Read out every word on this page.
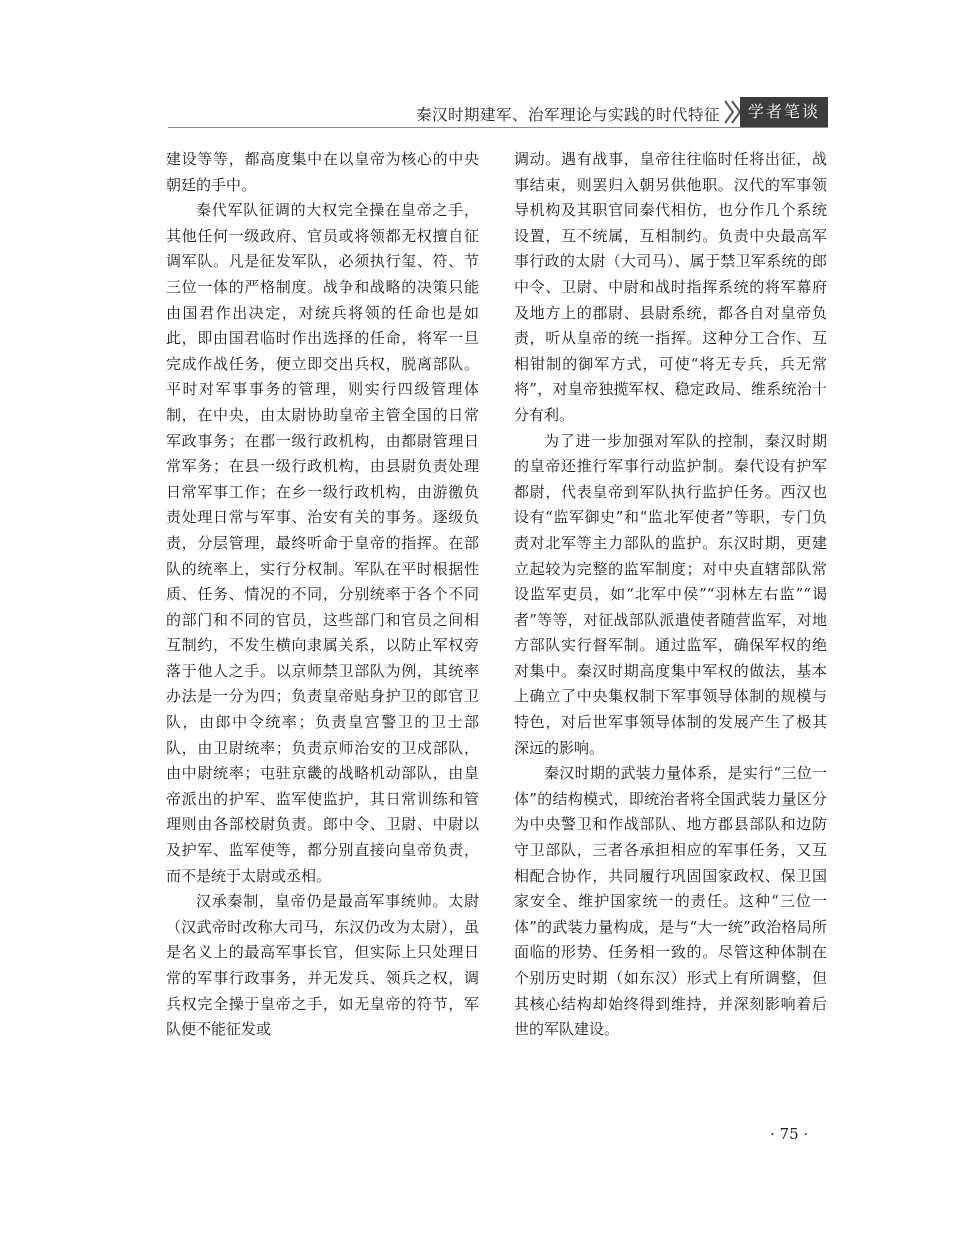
秦汉时期建军、治军理论与实践的时代特征	学者笔谈

建设等等，都高度集中在以皇帝为核心的中央朝廷的手中。

秦代军队征调的大权完全操在皇帝之手，其他任何一级政府、官员或将领都无权擅自征调军队。凡是征发军队，必须执行玺、符、节三位一体的严格制度。战争和战略的决策只能由国君作出决定，对统兵将领的任命也是如此，即由国君临时作出选择的任命，将军一旦完成作战任务，便立即交出兵权，脱离部队。平时对军事事务的管理，则实行四级管理体制，在中央，由太尉协助皇帝主管全国的日常军政事务；在郡一级行政机构，由都尉管理日常军务；在县一级行政机构，由县尉负责处理日常军事工作；在乡一级行政机构，由游徼负责处理日常与军事、治安有关的事务。逐级负责，分层管理，最终听命于皇帝的指挥。在部队的统率上，实行分权制。军队在平时根据性质、任务、情况的不同，分别统率于各个不同的部门和不同的官员，这些部门和官员之间相互制约，不发生横向隶属关系，以防止军权旁落于他人之手。以京师禁卫部队为例，其统率办法是一分为四；负责皇帝贴身护卫的郎官卫队，由郎中令统率；负责皇宫警卫的卫士部队，由卫尉统率；负责京师治安的卫戍部队，由中尉统率；屯驻京畿的战略机动部队，由皇帝派出的护军、监军使监护，其日常训练和管理则由各部校尉负责。郎中令、卫尉、中尉以及护军、监军使等，都分别直接向皇帝负责，而不是统于太尉或丞相。

汉承秦制，皇帝仍是最高军事统帅。太尉（汉武帝时改称大司马，东汉仍改为太尉），虽是名义上的最高军事长官，但实际上只处理日常的军事行政事务，并无发兵、领兵之权，调兵权完全操于皇帝之手，如无皇帝的符节，军队便不能征发或

调动。遇有战事，皇帝往往临时任将出征，战事结束，则罢归入朝另供他职。汉代的军事领导机构及其职官同秦代相仿，也分作几个系统设置，互不统属，互相制约。负责中央最高军事行政的太尉（大司马）、属于禁卫军系统的郎中令、卫尉、中尉和战时指挥系统的将军幕府及地方上的郡尉、县尉系统，都各自对皇帝负责，听从皇帝的统一指挥。这种分工合作、互相钳制的御军方式，可使“将无专兵，兵无常将”，对皇帝独揽军权、稳定政局、维系统治十分有利。

为了进一步加强对军队的控制，秦汉时期的皇帝还推行军事行动监护制。秦代设有护军都尉，代表皇帝到军队执行监护任务。西汉也设有“监军御史”和“监北军使者”等职，专门负责对北军等主力部队的监护。东汉时期，更建立起较为完整的监军制度；对中央直辖部队常设监军吏员，如“北军中侯”“羽林左右监”“谒者”等等，对征战部队派遣使者随营监军，对地方部队实行督军制。通过监军，确保军权的绝对集中。秦汉时期高度集中军权的做法，基本上确立了中央集权制下军事领导体制的规模与特色，对后世军事领导体制的发展产生了极其深远的影响。

秦汉时期的武装力量体系，是实行“三位一体”的结构模式，即统治者将全国武装力量区分为中央警卫和作战部队、地方郡县部队和边防守卫部队，三者各承担相应的军事任务，又互相配合协作，共同履行巩固国家政权、保卫国家安全、维护国家统一的责任。这种“三位一体”的武装力量构成，是与“大一统”政治格局所面临的形势、任务相一致的。尽管这种体制在个别历史时期（如东汉）形式上有所调整，但其核心结构却始终得到维持，并深刻影响着后世的军队建设。

· 75 ·
